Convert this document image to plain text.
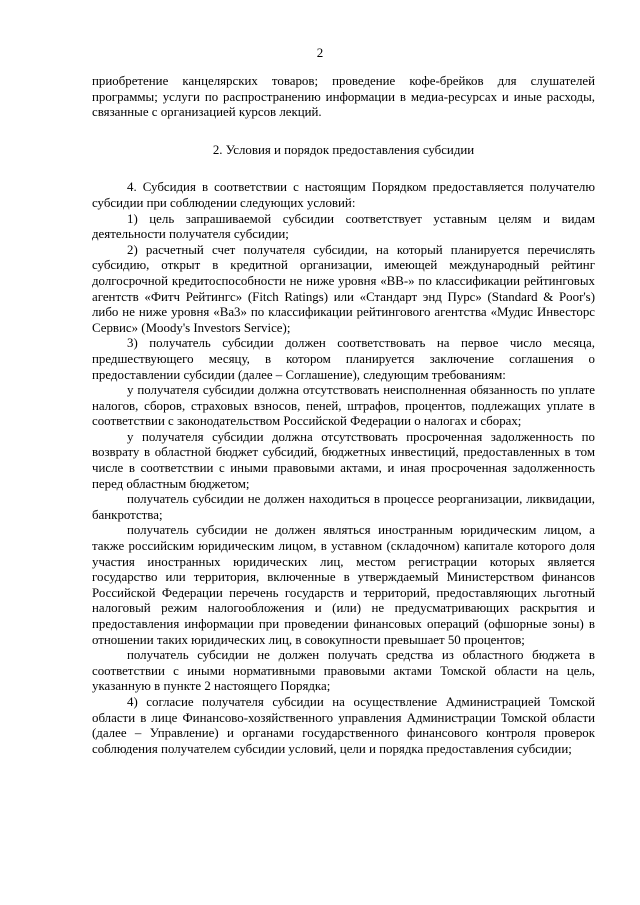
2

приобретение канцелярских товаров; проведение кофе-брейков для слушателей программы; услуги по распространению информации в медиа-ресурсах и иные расходы, связанные с организацией курсов лекций.

2. Условия и порядок предоставления субсидии

4. Субсидия в соответствии с настоящим Порядком предоставляется получателю субсидии при соблюдении следующих условий:

1) цель запрашиваемой субсидии соответствует уставным целям и видам деятельности получателя субсидии;

2) расчетный счет получателя субсидии, на который планируется перечислять субсидию, открыт в кредитной организации, имеющей международный рейтинг долгосрочной кредитоспособности не ниже уровня «ВВ-» по классификации рейтинговых агентств «Фитч Рейтингс» (Fitch Ratings) или «Стандарт энд Пурс» (Standard & Poor's) либо не ниже уровня «Ba3» по классификации рейтингового агентства «Мудис Инвесторс Сервис» (Moody's Investors Service);

3) получатель субсидии должен соответствовать на первое число месяца, предшествующего месяцу, в котором планируется заключение соглашения о предоставлении субсидии (далее – Соглашение), следующим требованиям:

у получателя субсидии должна отсутствовать неисполненная обязанность по уплате налогов, сборов, страховых взносов, пеней, штрафов, процентов, подлежащих уплате в соответствии с законодательством Российской Федерации о налогах и сборах;

у получателя субсидии должна отсутствовать просроченная задолженность по возврату в областной бюджет субсидий, бюджетных инвестиций, предоставленных в том числе в соответствии с иными правовыми актами, и иная просроченная задолженность перед областным бюджетом;

получатель субсидии не должен находиться в процессе реорганизации, ликвидации, банкротства;

получатель субсидии не должен являться иностранным юридическим лицом, а также российским юридическим лицом, в уставном (складочном) капитале которого доля участия иностранных юридических лиц, местом регистрации которых является государство или территория, включенные в утверждаемый Министерством финансов Российской Федерации перечень государств и территорий, предоставляющих льготный налоговый режим налогообложения и (или) не предусматривающих раскрытия и предоставления информации при проведении финансовых операций (офшорные зоны) в отношении таких юридических лиц, в совокупности превышает 50 процентов;

получатель субсидии не должен получать средства из областного бюджета в соответствии с иными нормативными правовыми актами Томской области на цель, указанную в пункте 2 настоящего Порядка;

4) согласие получателя субсидии на осуществление Администрацией Томской области в лице Финансово-хозяйственного управления Администрации Томской области (далее – Управление) и органами государственного финансового контроля проверок соблюдения получателем субсидии условий, цели и порядка предоставления субсидии;
